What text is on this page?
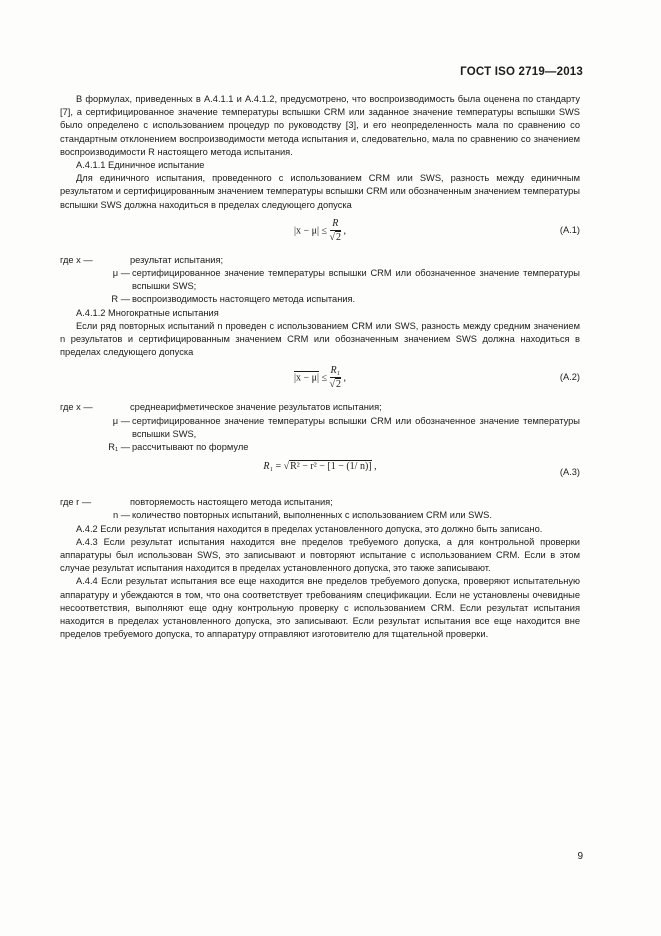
ГОСТ ISO 2719—2013

В формулах, приведенных в А.4.1.1 и А.4.1.2, предусмотрено, что воспроизводимость была оценена по стандарту [7], а сертифицированное значение температуры вспышки CRM или заданное значение температуры вспышки SWS было определено с использованием процедур по руководству [3], и его неопределенность мала по сравнению со стандартным отклонением воспроизводимости метода испытания и, следовательно, мала по сравнению со значением воспроизводимости R настоящего метода испытания.

А.4.1.1 Единичное испытание

Для единичного испытания, проведенного с использованием CRM или SWS, разность между единичным результатом и сертифицированным значением температуры вспышки CRM или обозначенным значением температуры вспышки SWS должна находиться в пределах следующего допуска

$|x - \mu| \le \frac{R}{√2}$ ,	(A.1)
где x —	результат испытания;
μ — сертифицированное значение температуры вспышки CRM или обозначенное значение температуры вспышки SWS;
R — воспроизводимость настоящего метода испытания.

А.4.1.2 Многократные испытания

Если ряд повторных испытаний n проведен с использованием CRM или SWS, разность между средним значением n результатов и сертифицированным значением CRM или обозначенным значением SWS должна находиться в пределах следующего допуска

$|x - \mu| \le \frac{\text{R₁}}{√2}$ ,	(A.2)
где x —	среднеарифметическое значение результатов испытания;
μ — сертифицированное значение температуры вспышки CRM или обозначенное значение температуры вспышки SWS,
R₁ — рассчитывают по формуле
R₁ = √R² − r² − [1 − (1/ n)] ,	(A.3)
где r —	повторяемость настоящего метода испытания;
n — количество повторных испытаний, выполненных с использованием CRM или SWS.

А.4.2 Если результат испытания находится в пределах установленного допуска, это должно быть записано.

А.4.3 Если результат испытания находится вне пределов требуемого допуска, а для контрольной проверки аппаратуры был использован SWS, это записывают и повторяют испытание с использованием CRM. Если в этом случае результат испытания находится в пределах установленного допуска, это также записывают.

А.4.4 Если результат испытания все еще находится вне пределов требуемого допуска, проверяют испытательную аппаратуру и убеждаются в том, что она соответствует требованиям спецификации. Если не установлены очевидные несоответствия, выполняют еще одну контрольную проверку с использованием CRM. Если результат испытания находится в пределах установленного допуска, это записывают. Если результат испытания все еще находится вне пределов требуемого допуска, то аппаратуру отправляют изготовителю для тщательной проверки.

9
